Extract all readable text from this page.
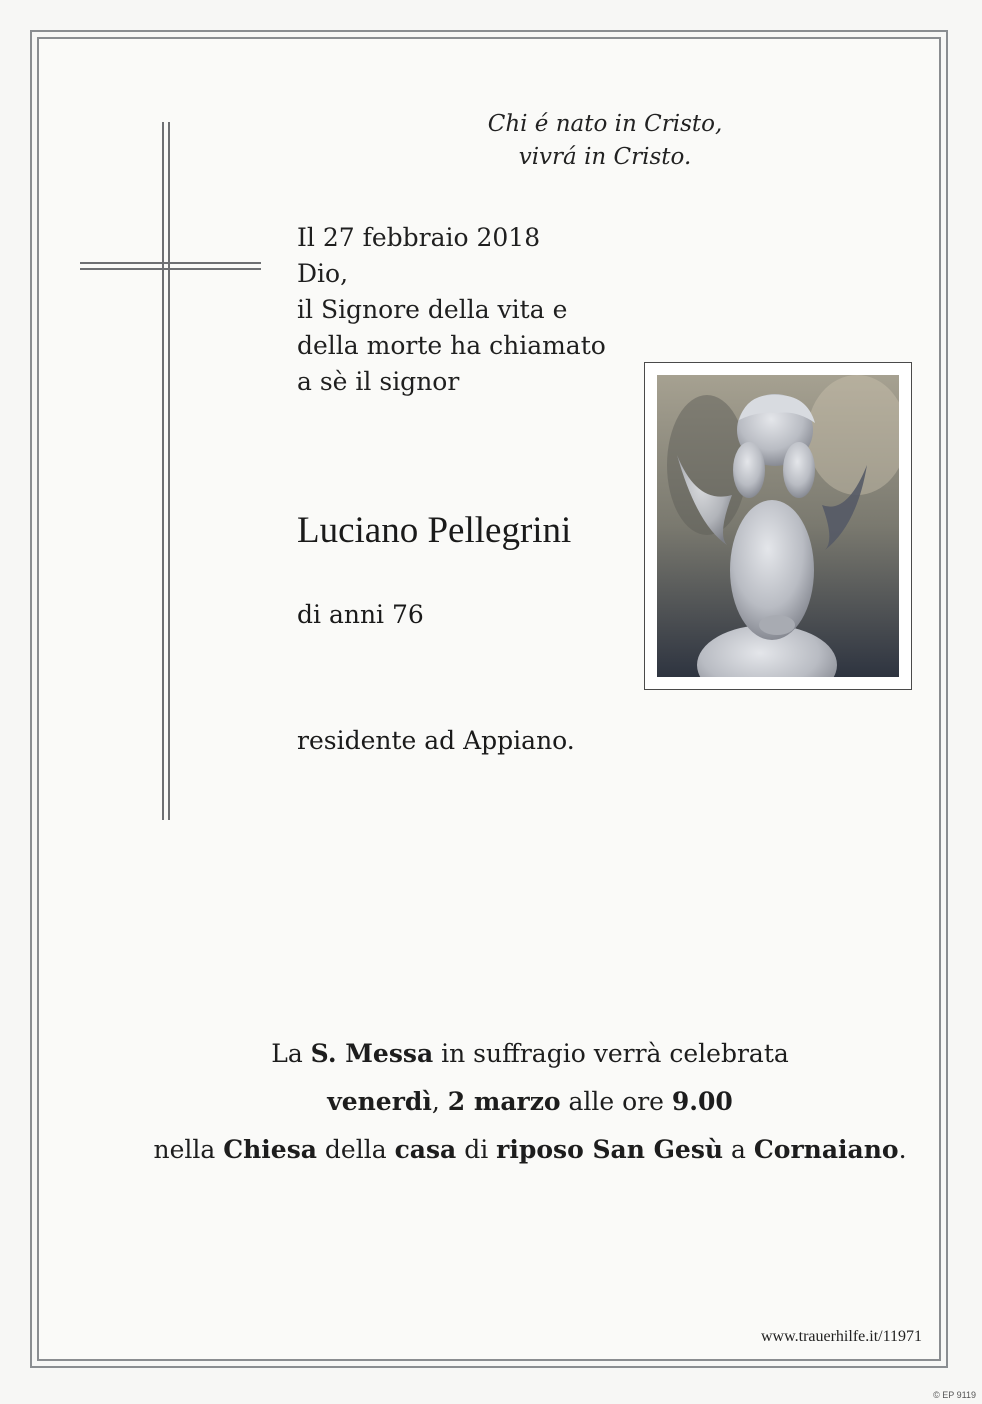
Chi é nato in Cristo,
vivrá in Cristo.
Il 27 febbraio 2018
Dio,
il Signore della vita e
della morte ha chiamato
a sè il signor
Luciano Pellegrini
di anni 76
residente ad Appiano.
La S. Messa in suffragio verrà celebrata
venerdì, 2 marzo alle ore 9.00
nella Chiesa della casa di riposo San Gesù a Cornaiano.
www.trauerhilfe.it/11971
© EP 9119
